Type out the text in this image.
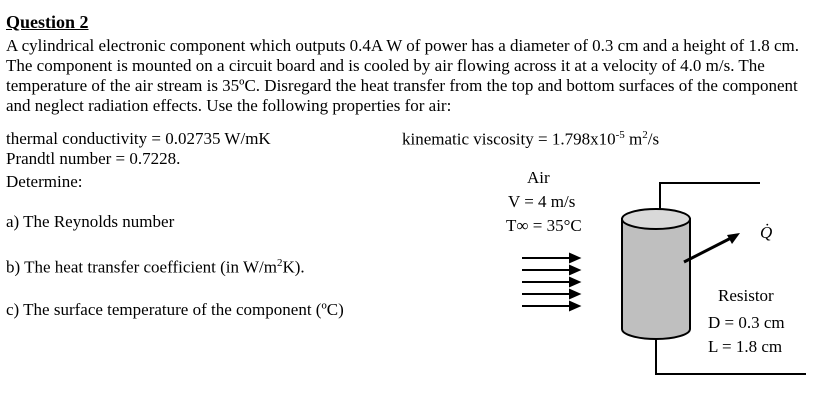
Question 2
A cylindrical electronic component which outputs 0.4A W of power has a diameter of 0.3 cm and a height of 1.8 cm. The component is mounted on a circuit board and is cooled by air flowing across it at a velocity of 4.0 m/s. The temperature of the air stream is 35ºC. Disregard the heat transfer from the top and bottom surfaces of the component and neglect radiation effects. Use the following properties for air:
thermal conductivity = 0.02735 W/mK	kinematic viscosity = $1.798x10^{-5}$ $m^2/s$
Prandtl number = 0.7228.
Determine:
a) The Reynolds number
b) The heat transfer coefficient (in $W/m^2K$).
c) The surface temperature of the component (ºC)
Air
V = 4 m/s
T∞ = 35°C	Q̇
Resistor
D = 0.3 cm
L = 1.8 cm
